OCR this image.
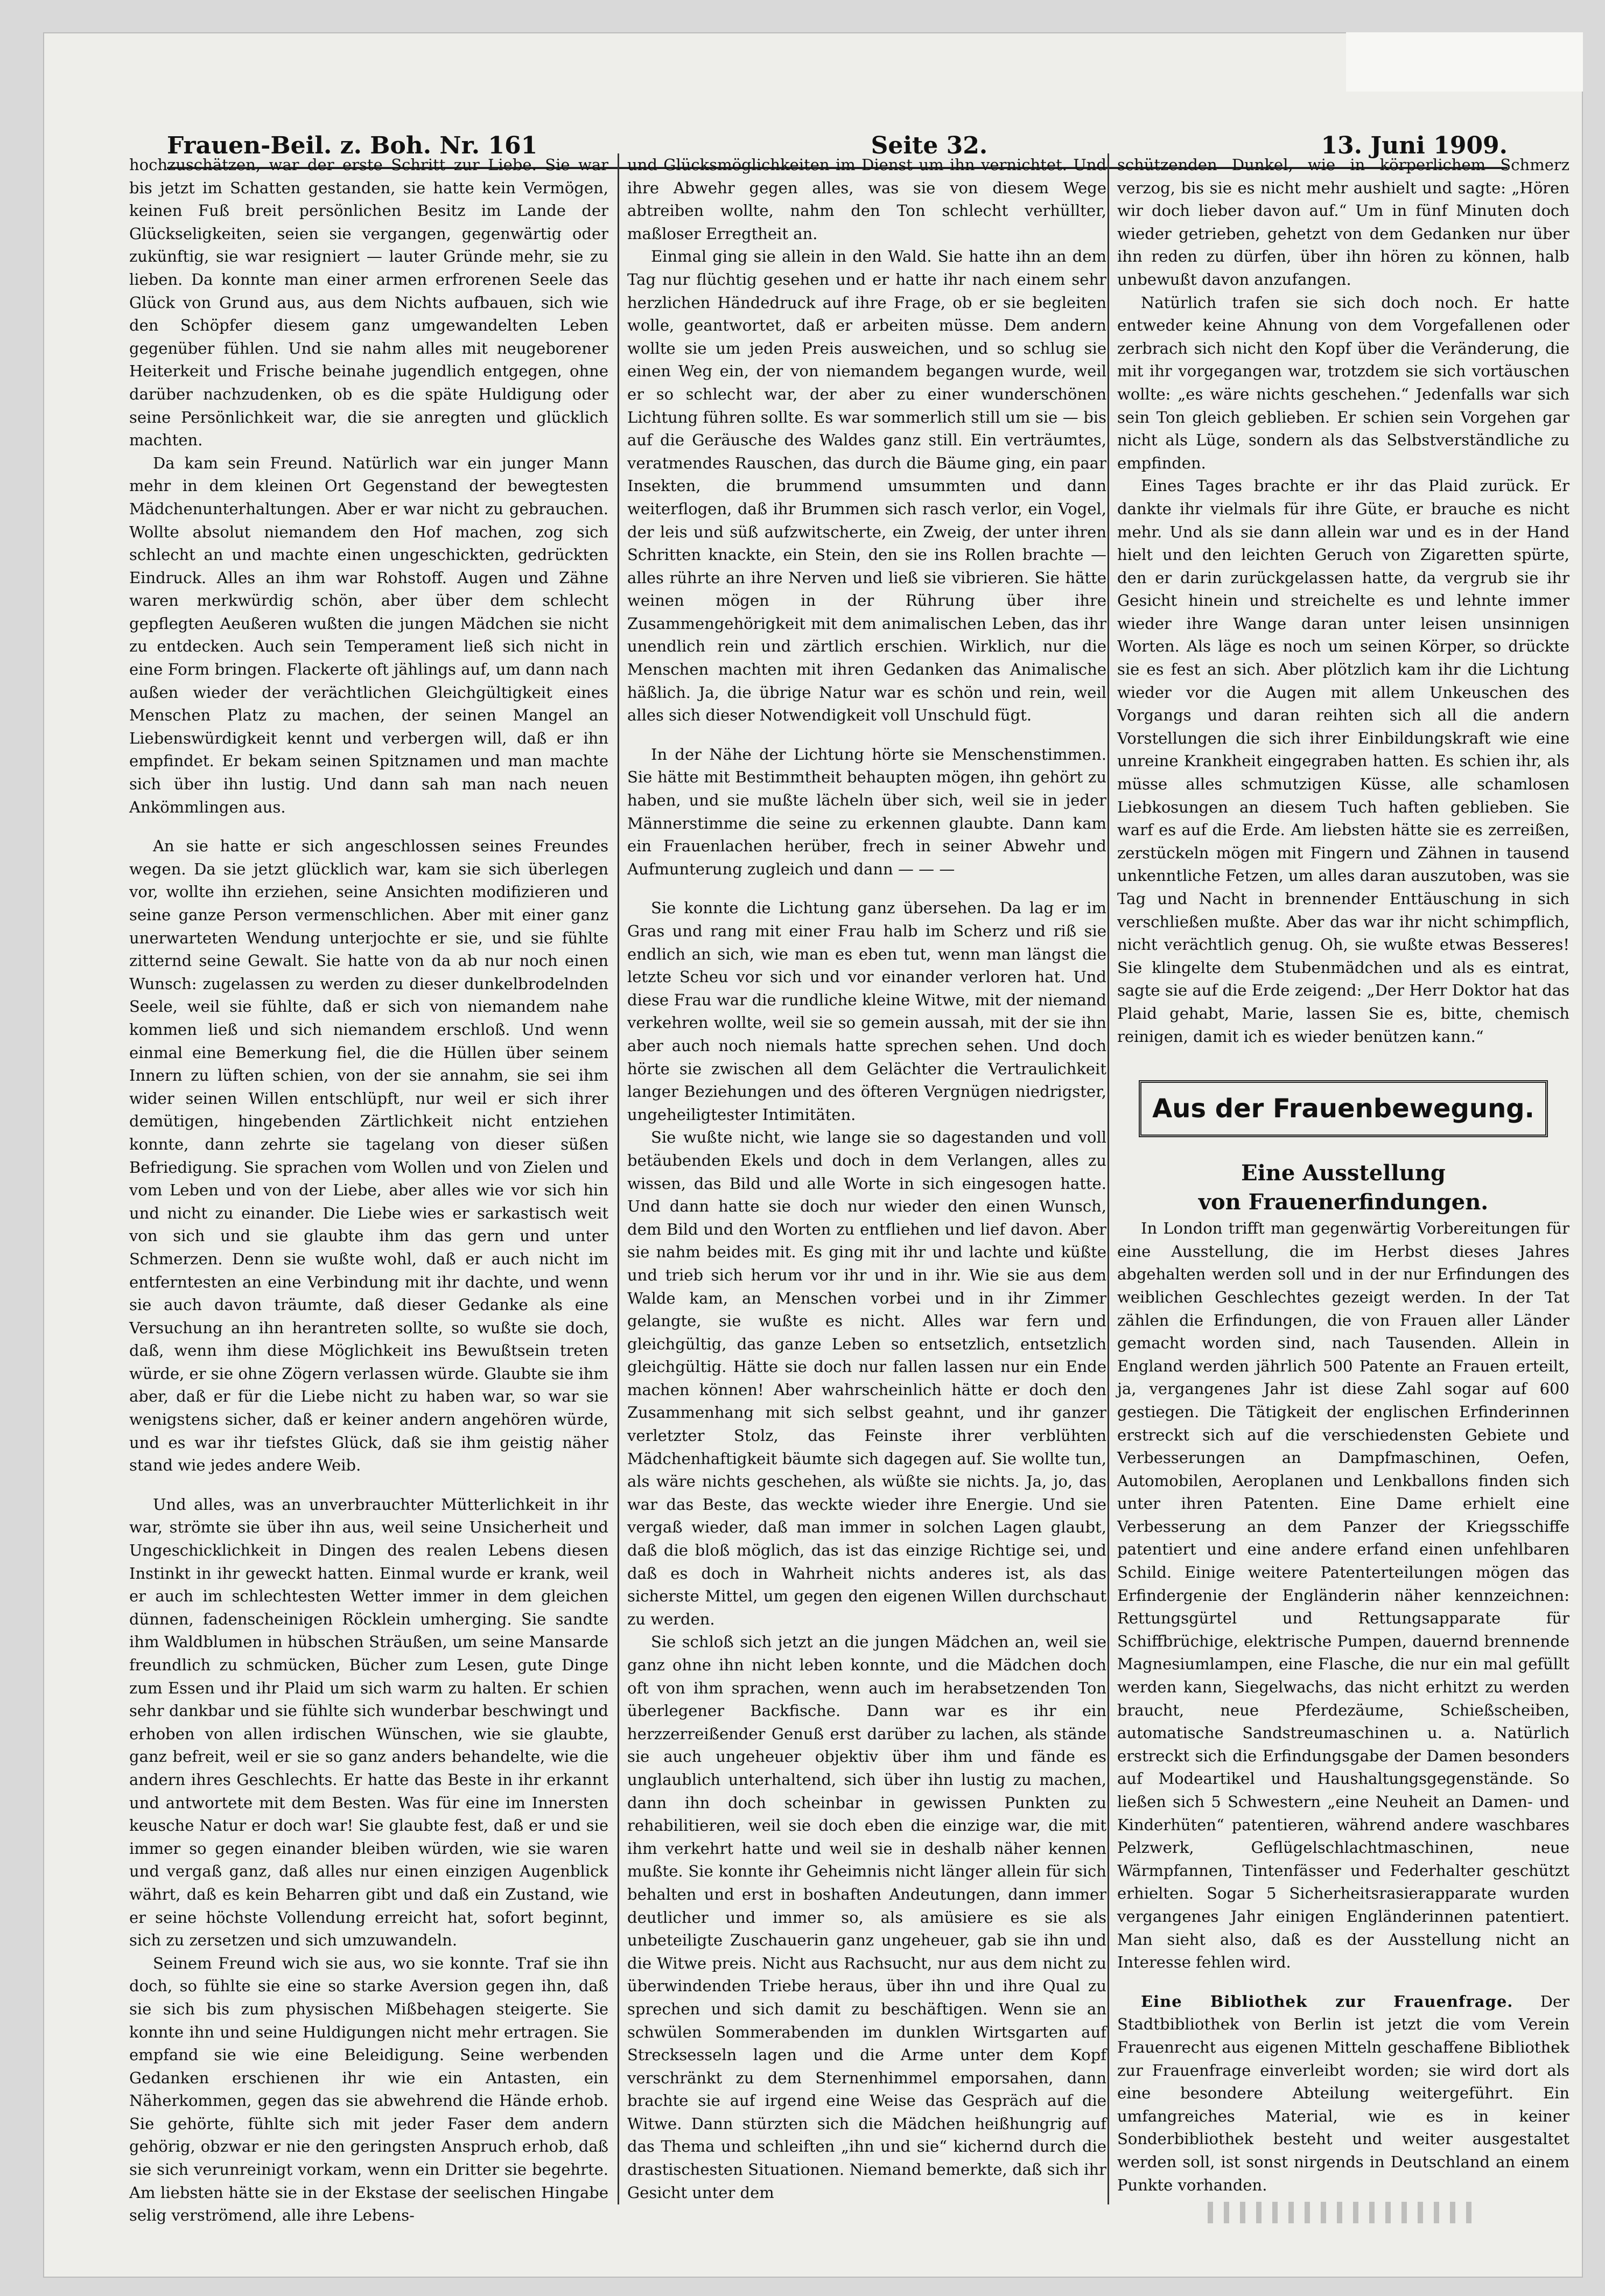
Frauen-Beil. z. Boh. Nr. 161	Seite 32.	13. Juni 1909.

hochzuschätzen, war der erste Schritt zur Liebe. Sie war bis jetzt im Schatten gestanden, sie hatte kein Vermögen, keinen Fuß breit persönlichen Besitz im Lande der Glückseligkeiten, seien sie vergangen, gegenwärtig oder zukünftig, sie war resigniert — lauter Gründe mehr, sie zu lieben. Da konnte man einer armen erfrorenen Seele das Glück von Grund aus, aus dem Nichts aufbauen, sich wie den Schöpfer diesem ganz umgewandelten Leben gegenüber fühlen. Und sie nahm alles mit neugeborener Heiterkeit und Frische beinahe jugendlich entgegen, ohne darüber nachzudenken, ob es die späte Huldigung oder seine Persönlichkeit war, die sie anregten und glücklich machten.

Da kam sein Freund. Natürlich war ein junger Mann mehr in dem kleinen Ort Gegenstand der bewegtesten Mädchenunterhaltungen. Aber er war nicht zu gebrauchen. Wollte absolut niemandem den Hof machen, zog sich schlecht an und machte einen ungeschickten, gedrückten Eindruck. Alles an ihm war Rohstoff. Augen und Zähne waren merkwürdig schön, aber über dem schlecht gepflegten Aeußeren wußten die jungen Mädchen sie nicht zu entdecken. Auch sein Temperament ließ sich nicht in eine Form bringen. Flackerte oft jählings auf, um dann nach außen wieder der verächtlichen Gleichgültigkeit eines Menschen Platz zu machen, der seinen Mangel an Liebenswürdigkeit kennt und verbergen will, daß er ihn empfindet. Er bekam seinen Spitznamen und man machte sich über ihn lustig. Und dann sah man nach neuen Ankömmlingen aus.

An sie hatte er sich angeschlossen seines Freundes wegen. Da sie jetzt glücklich war, kam sie sich überlegen vor, wollte ihn erziehen, seine Ansichten modifizieren und seine ganze Person vermenschlichen. Aber mit einer ganz unerwarteten Wendung unterjochte er sie, und sie fühlte zitternd seine Gewalt. Sie hatte von da ab nur noch einen Wunsch: zugelassen zu werden zu dieser dunkelbrodelnden Seele, weil sie fühlte, daß er sich von niemandem nahe kommen ließ und sich niemandem erschloß. Und wenn einmal eine Bemerkung fiel, die die Hüllen über seinem Innern zu lüften schien, von der sie annahm, sie sei ihm wider seinen Willen entschlüpft, nur weil er sich ihrer demütigen, hingebenden Zärtlichkeit nicht entziehen konnte, dann zehrte sie tagelang von dieser süßen Befriedigung. Sie sprachen vom Wollen und von Zielen und vom Leben und von der Liebe, aber alles wie vor sich hin und nicht zu einander. Die Liebe wies er sarkastisch weit von sich und sie glaubte ihm das gern und unter Schmerzen. Denn sie wußte wohl, daß er auch nicht im entferntesten an eine Verbindung mit ihr dachte, und wenn sie auch davon träumte, daß dieser Gedanke als eine Versuchung an ihn herantreten sollte, so wußte sie doch, daß, wenn ihm diese Möglichkeit ins Bewußtsein treten würde, er sie ohne Zögern verlassen würde. Glaubte sie ihm aber, daß er für die Liebe nicht zu haben war, so war sie wenigstens sicher, daß er keiner andern angehören würde, und es war ihr tiefstes Glück, daß sie ihm geistig näher stand wie jedes andere Weib.

Und alles, was an unverbrauchter Mütterlichkeit in ihr war, strömte sie über ihn aus, weil seine Unsicherheit und Ungeschicklichkeit in Dingen des realen Lebens diesen Instinkt in ihr geweckt hatten. Einmal wurde er krank, weil er auch im schlechtesten Wetter immer in dem gleichen dünnen, fadenscheinigen Röcklein umherging. Sie sandte ihm Waldblumen in hübschen Sträußen, um seine Mansarde freundlich zu schmücken, Bücher zum Lesen, gute Dinge zum Essen und ihr Plaid um sich warm zu halten. Er schien sehr dankbar und sie fühlte sich wunderbar beschwingt und erhoben von allen irdischen Wünschen, wie sie glaubte, ganz befreit, weil er sie so ganz anders behandelte, wie die andern ihres Geschlechts. Er hatte das Beste in ihr erkannt und antwortete mit dem Besten. Was für eine im Innersten keusche Natur er doch war! Sie glaubte fest, daß er und sie immer so gegen einander bleiben würden, wie sie waren und vergaß ganz, daß alles nur einen einzigen Augenblick währt, daß es kein Beharren gibt und daß ein Zustand, wie er seine höchste Vollendung erreicht hat, sofort beginnt, sich zu zersetzen und sich umzuwandeln.

Seinem Freund wich sie aus, wo sie konnte. Traf sie ihn doch, so fühlte sie eine so starke Aversion gegen ihn, daß sie sich bis zum physischen Mißbehagen steigerte. Sie konnte ihn und seine Huldigungen nicht mehr ertragen. Sie empfand sie wie eine Beleidigung. Seine werbenden Gedanken erschienen ihr wie ein Antasten, ein Näherkommen, gegen das sie abwehrend die Hände erhob. Sie gehörte, fühlte sich mit jeder Faser dem andern gehörig, obzwar er nie den geringsten Anspruch erhob, daß sie sich verunreinigt vorkam, wenn ein Dritter sie begehrte. Am liebsten hätte sie in der Ekstase der seelischen Hingabe selig verströmend, alle ihre Lebens-

und Glücksmöglichkeiten im Dienst um ihn vernichtet. Und ihre Abwehr gegen alles, was sie von diesem Wege abtreiben wollte, nahm den Ton schlecht verhüllter, maßloser Erregtheit an.

Einmal ging sie allein in den Wald. Sie hatte ihn an dem Tag nur flüchtig gesehen und er hatte ihr nach einem sehr herzlichen Händedruck auf ihre Frage, ob er sie begleiten wolle, geantwortet, daß er arbeiten müsse. Dem andern wollte sie um jeden Preis ausweichen, und so schlug sie einen Weg ein, der von niemandem begangen wurde, weil er so schlecht war, der aber zu einer wunderschönen Lichtung führen sollte. Es war sommerlich still um sie — bis auf die Geräusche des Waldes ganz still. Ein verträumtes, veratmendes Rauschen, das durch die Bäume ging, ein paar Insekten, die brummend umsummten und dann weiterflogen, daß ihr Brummen sich rasch verlor, ein Vogel, der leis und süß aufzwitscherte, ein Zweig, der unter ihren Schritten knackte, ein Stein, den sie ins Rollen brachte — alles rührte an ihre Nerven und ließ sie vibrieren. Sie hätte weinen mögen in der Rührung über ihre Zusammengehörigkeit mit dem animalischen Leben, das ihr unendlich rein und zärtlich erschien. Wirklich, nur die Menschen machten mit ihren Gedanken das Animalische häßlich. Ja, die übrige Natur war es schön und rein, weil alles sich dieser Notwendigkeit voll Unschuld fügt.

In der Nähe der Lichtung hörte sie Menschenstimmen. Sie hätte mit Bestimmtheit behaupten mögen, ihn gehört zu haben, und sie mußte lächeln über sich, weil sie in jeder Männerstimme die seine zu erkennen glaubte. Dann kam ein Frauenlachen herüber, frech in seiner Abwehr und Aufmunterung zugleich und dann — — —

Sie konnte die Lichtung ganz übersehen. Da lag er im Gras und rang mit einer Frau halb im Scherz und riß sie endlich an sich, wie man es eben tut, wenn man längst die letzte Scheu vor sich und vor einander verloren hat. Und diese Frau war die rundliche kleine Witwe, mit der niemand verkehren wollte, weil sie so gemein aussah, mit der sie ihn aber auch noch niemals hatte sprechen sehen. Und doch hörte sie zwischen all dem Gelächter die Vertraulichkeit langer Beziehungen und des öfteren Vergnügen niedrigster, ungeheiligtester Intimitäten.

Sie wußte nicht, wie lange sie so dagestanden und voll betäubenden Ekels und doch in dem Verlangen, alles zu wissen, das Bild und alle Worte in sich eingesogen hatte. Und dann hatte sie doch nur wieder den einen Wunsch, dem Bild und den Worten zu entfliehen und lief davon. Aber sie nahm beides mit. Es ging mit ihr und lachte und küßte und trieb sich herum vor ihr und in ihr. Wie sie aus dem Walde kam, an Menschen vorbei und in ihr Zimmer gelangte, sie wußte es nicht. Alles war fern und gleichgültig, das ganze Leben so entsetzlich, entsetzlich gleichgültig. Hätte sie doch nur fallen lassen nur ein Ende machen können! Aber wahrscheinlich hätte er doch den Zusammenhang mit sich selbst geahnt, und ihr ganzer verletzter Stolz, das Feinste ihrer verblühten Mädchenhaftigkeit bäumte sich dagegen auf. Sie wollte tun, als wäre nichts geschehen, als wüßte sie nichts. Ja, jo, das war das Beste, das weckte wieder ihre Energie. Und sie vergaß wieder, daß man immer in solchen Lagen glaubt, daß die bloß möglich, das ist das einzige Richtige sei, und daß es doch in Wahrheit nichts anderes ist, als das sicherste Mittel, um gegen den eigenen Willen durchschaut zu werden.

Sie schloß sich jetzt an die jungen Mädchen an, weil sie ganz ohne ihn nicht leben konnte, und die Mädchen doch oft von ihm sprachen, wenn auch im herabsetzenden Ton überlegener Backfische. Dann war es ihr ein herzzerreißender Genuß erst darüber zu lachen, als stände sie auch ungeheuer objektiv über ihm und fände es unglaublich unterhaltend, sich über ihn lustig zu machen, dann ihn doch scheinbar in gewissen Punkten zu rehabilitieren, weil sie doch eben die einzige war, die mit ihm verkehrt hatte und weil sie in deshalb näher kennen mußte. Sie konnte ihr Geheimnis nicht länger allein für sich behalten und erst in boshaften Andeutungen, dann immer deutlicher und immer so, als amüsiere es sie als unbeteiligte Zuschauerin ganz ungeheuer, gab sie ihn und die Witwe preis. Nicht aus Rachsucht, nur aus dem nicht zu überwindenden Triebe heraus, über ihn und ihre Qual zu sprechen und sich damit zu beschäftigen. Wenn sie an schwülen Sommerabenden im dunklen Wirtsgarten auf Strecksesseln lagen und die Arme unter dem Kopf verschränkt zu dem Sternenhimmel emporsahen, dann brachte sie auf irgend eine Weise das Gespräch auf die Witwe. Dann stürzten sich die Mädchen heißhungrig auf das Thema und schleiften „ihn und sie“ kichernd durch die drastischesten Situationen. Niemand bemerkte, daß sich ihr Gesicht unter dem

schützenden Dunkel, wie in körperlichem Schmerz verzog, bis sie es nicht mehr aushielt und sagte: „Hören wir doch lieber davon auf.“ Um in fünf Minuten doch wieder getrieben, gehetzt von dem Gedanken nur über ihn reden zu dürfen, über ihn hören zu können, halb unbewußt davon anzufangen.

Natürlich trafen sie sich doch noch. Er hatte entweder keine Ahnung von dem Vorgefallenen oder zerbrach sich nicht den Kopf über die Veränderung, die mit ihr vorgegangen war, trotzdem sie sich vortäuschen wollte: „es wäre nichts geschehen.“ Jedenfalls war sich sein Ton gleich geblieben. Er schien sein Vorgehen gar nicht als Lüge, sondern als das Selbstverständliche zu empfinden.

Eines Tages brachte er ihr das Plaid zurück. Er dankte ihr vielmals für ihre Güte, er brauche es nicht mehr. Und als sie dann allein war und es in der Hand hielt und den leichten Geruch von Zigaretten spürte, den er darin zurückgelassen hatte, da vergrub sie ihr Gesicht hinein und streichelte es und lehnte immer wieder ihre Wange daran unter leisen unsinnigen Worten. Als läge es noch um seinen Körper, so drückte sie es fest an sich. Aber plötzlich kam ihr die Lichtung wieder vor die Augen mit allem Unkeuschen des Vorgangs und daran reihten sich all die andern Vorstellungen die sich ihrer Einbildungskraft wie eine unreine Krankheit eingegraben hatten. Es schien ihr, als müsse alles schmutzigen Küsse, alle schamlosen Liebkosungen an diesem Tuch haften geblieben. Sie warf es auf die Erde. Am liebsten hätte sie es zerreißen, zerstückeln mögen mit Fingern und Zähnen in tausend unkenntliche Fetzen, um alles daran auszutoben, was sie Tag und Nacht in brennender Enttäuschung in sich verschließen mußte. Aber das war ihr nicht schimpflich, nicht verächtlich genug. Oh, sie wußte etwas Besseres! Sie klingelte dem Stubenmädchen und als es eintrat, sagte sie auf die Erde zeigend: „Der Herr Doktor hat das Plaid gehabt, Marie, lassen Sie es, bitte, chemisch reinigen, damit ich es wieder benützen kann.“

Aus der Frauenbewegung.

Eine Ausstellung

von Frauenerfindungen.

In London trifft man gegenwärtig Vorbereitungen für eine Ausstellung, die im Herbst dieses Jahres abgehalten werden soll und in der nur Erfindungen des weiblichen Geschlechtes gezeigt werden. In der Tat zählen die Erfindungen, die von Frauen aller Länder gemacht worden sind, nach Tausenden. Allein in England werden jährlich 500 Patente an Frauen erteilt, ja, vergangenes Jahr ist diese Zahl sogar auf 600 gestiegen. Die Tätigkeit der englischen Erfinderinnen erstreckt sich auf die verschiedensten Gebiete und Verbesserungen an Dampfmaschinen, Oefen, Automobilen, Aeroplanen und Lenkballons finden sich unter ihren Patenten. Eine Dame erhielt eine Verbesserung an dem Panzer der Kriegsschiffe patentiert und eine andere erfand einen unfehlbaren Schild. Einige weitere Patenterteilungen mögen das Erfindergenie der Engländerin näher kennzeichnen: Rettungsgürtel und Rettungsapparate für Schiffbrüchige, elektrische Pumpen, dauernd brennende Magnesiumlampen, eine Flasche, die nur ein mal gefüllt werden kann, Siegelwachs, das nicht erhitzt zu werden braucht, neue Pferdezäume, Schießscheiben, automatische Sandstreumaschinen u. a. Natürlich erstreckt sich die Erfindungsgabe der Damen besonders auf Modeartikel und Haushaltungsgegenstände. So ließen sich 5 Schwestern „eine Neuheit an Damen- und Kinderhüten“ patentieren, während andere waschbares Pelzwerk, Geflügelschlachtmaschinen, neue Wärmpfannen, Tintenfässer und Federhalter geschützt erhielten. Sogar 5 Sicherheitsrasierapparate wurden vergangenes Jahr einigen Engländerinnen patentiert. Man sieht also, daß es der Ausstellung nicht an Interesse fehlen wird.

Eine Bibliothek zur Frauenfrage. Der Stadtbibliothek von Berlin ist jetzt die vom Verein Frauenrecht aus eigenen Mitteln geschaffene Bibliothek zur Frauenfrage einverleibt worden; sie wird dort als eine besondere Abteilung weitergeführt. Ein umfangreiches Material, wie es in keiner Sonderbibliothek besteht und weiter ausgestaltet werden soll, ist sonst nirgends in Deutschland an einem Punkte vorhanden.
